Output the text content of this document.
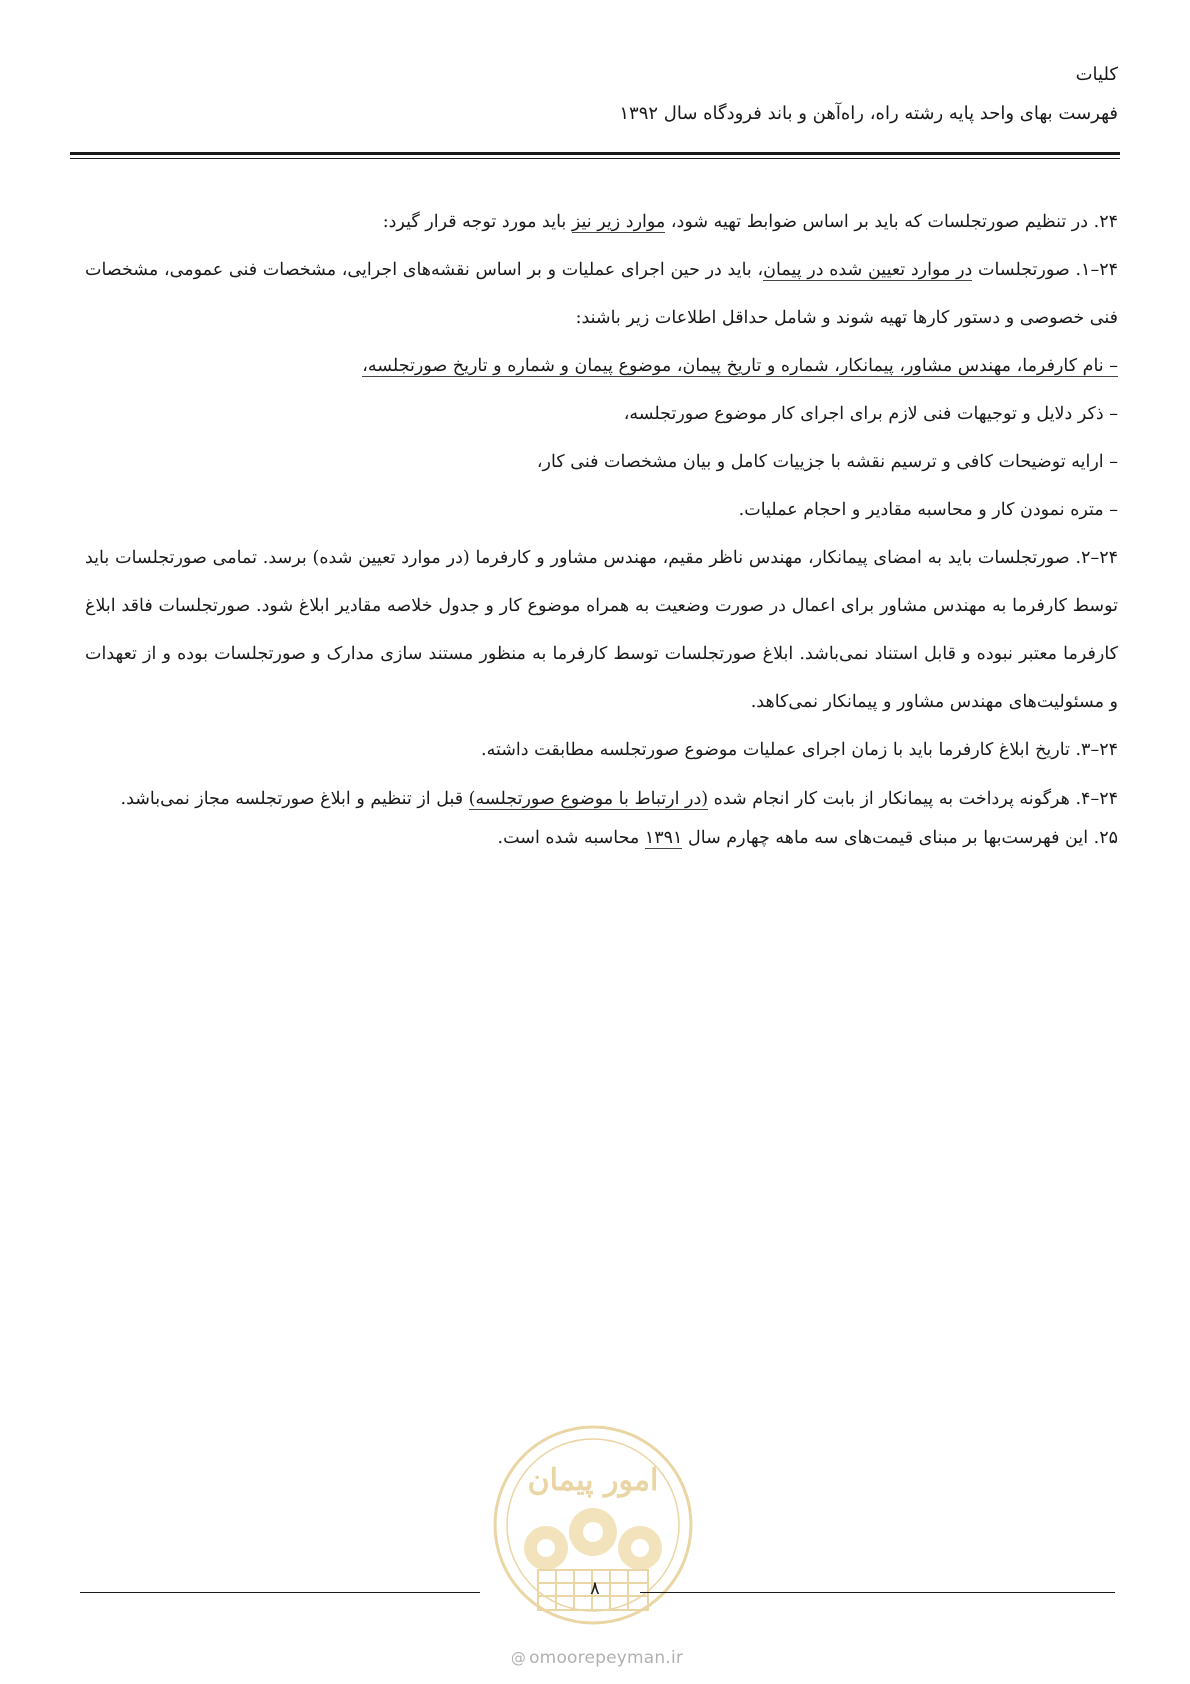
کلیات
فهرست بهای واحد پایه رشته راه، راه‌آهن و باند فرودگاه سال ۱۳۹۲

۲۴. در تنظیم صورتجلسات که باید بر اساس ضوابط تهیه شود، موارد زیر نیز باید مورد توجه قرار گیرد:

۲۴–۱. صورتجلسات در موارد تعیین شده در پیمان، باید در حین اجرای عملیات و بر اساس نقشه‌های اجرایی، مشخصات فنی عمومی، مشخصات فنی خصوصی و دستور کارها تهیه شوند و شامل حداقل اطلاعات زیر باشند:

– نام کارفرما، مهندس مشاور، پیمانکار، شماره و تاریخ پیمان، موضوع پیمان و شماره و تاریخ صورتجلسه،

– ذکر دلایل و توجیهات فنی لازم برای اجرای کار موضوع صورتجلسه،

– ارایه توضیحات کافی و ترسیم نقشه با جزییات کامل و بیان مشخصات فنی کار،

– متره نمودن کار و محاسبه مقادیر و احجام عملیات.

۲۴–۲. صورتجلسات باید به امضای پیمانکار، مهندس ناظر مقیم، مهندس مشاور و کارفرما (در موارد تعیین شده) برسد. تمامی صورتجلسات باید توسط کارفرما به مهندس مشاور برای اعمال در صورت وضعیت به همراه موضوع کار و جدول خلاصه مقادیر ابلاغ شود. صورتجلسات فاقد ابلاغ کارفرما معتبر نبوده و قابل استناد نمی‌باشد. ابلاغ صورتجلسات توسط کارفرما به منظور مستند سازی مدارک و صورتجلسات بوده و از تعهدات و مسئولیت‌های مهندس مشاور و پیمانکار نمی‌کاهد.

۲۴–۳. تاریخ ابلاغ کارفرما باید با زمان اجرای عملیات موضوع صورتجلسه مطابقت داشته.

۲۴–۴. هرگونه پرداخت به پیمانکار از بابت کار انجام شده (در ارتباط با موضوع صورتجلسه) قبل از تنظیم و ابلاغ صورتجلسه مجاز نمی‌باشد.

۲۵. این فهرست‌بها بر مبنای قیمت‌های سه ماهه چهارم سال ۱۳۹۱ محاسبه شده است.

امور پیمان
۸
@ omoorepeyman.ir
